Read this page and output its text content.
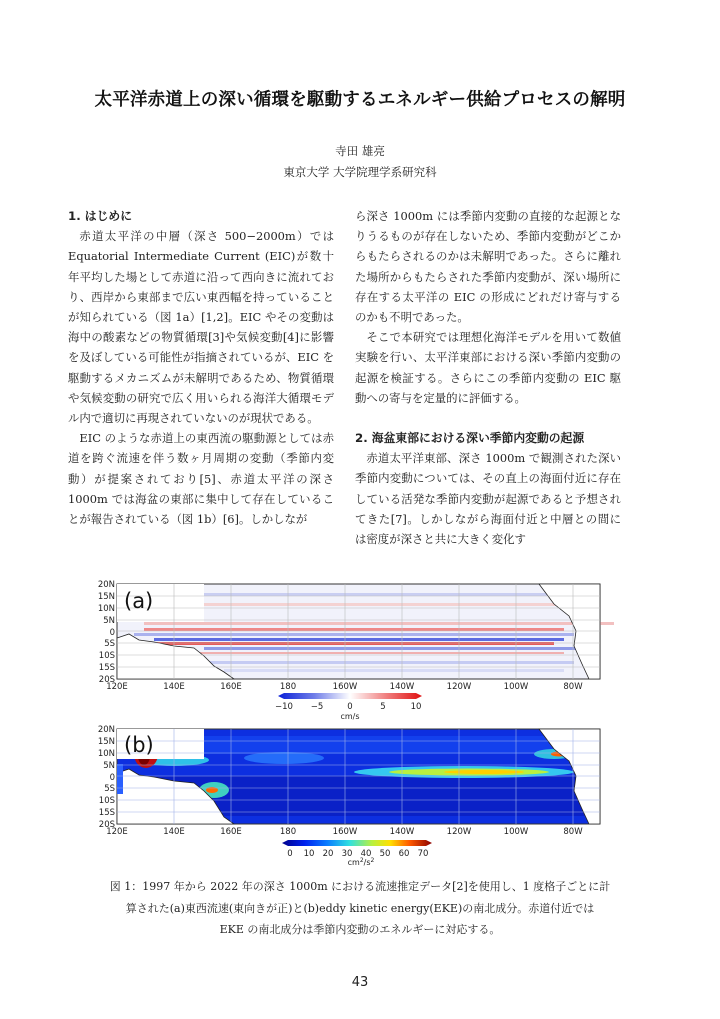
太平洋赤道上の深い循環を駆動するエネルギー供給プロセスの解明
寺田 雄亮
東京大学 大学院理学系研究科
1. はじめに

赤道太平洋の中層（深さ 500−2000m）では Equatorial Intermediate Current (EIC)が数十年平均した場として赤道に沿って西向きに流れており、西岸から東部まで広い東西幅を持っていることが知られている（図 1a）[1,2]。EIC やその変動は海中の酸素などの物質循環[3]や気候変動[4]に影響を及ぼしている可能性が指摘されているが、EIC を駆動するメカニズムが未解明であるため、物質循環や気候変動の研究で広く用いられる海洋大循環モデル内で適切に再現されていないのが現状である。

EIC のような赤道上の東西流の駆動源としては赤道を跨ぐ流速を伴う数ヶ月周期の変動（季節内変動）が提案されており[5]、赤道太平洋の深さ 1000m では海盆の東部に集中して存在していることが報告されている（図 1b）[6]。しかしなが

ら深さ 1000m には季節内変動の直接的な起源となりうるものが存在しないため、季節内変動がどこからもたらされるのかは未解明であった。さらに離れた場所からもたらされた季節内変動が、深い場所に存在する太平洋の EIC の形成にどれだけ寄与するのかも不明であった。

そこで本研究では理想化海洋モデルを用いて数値実験を行い、太平洋東部における深い季節内変動の起源を検証する。さらにこの季節内変動の EIC 駆動への寄与を定量的に評価する。

2. 海盆東部における深い季節内変動の起源

赤道太平洋東部、深さ 1000m で観測された深い季節内変動については、その直上の海面付近に存在している活発な季節内変動が起源であると予想されてきた[7]。しかしながら海面付近と中層との間には密度が深さと共に大きく変化す

(a)
20N
15N
10N
5N
0
5S
10S
15S
20S
120E	140E	160E	180	160W	140W	120W	100W	80W
−10 −5	0	5	10
cm/s
(b)
20N
15N
10N
5N
0
5S
10S
15S
20S
120E	140E	160E	180	160W	140W	120W	100W	80W
0 10 20 30 40 50 60 70
$cm^2/s^2$
図 1：1997 年から 2022 年の深さ 1000m における流速推定データ[2]を使用し、1 度格子ごとに計
算された(a)東西流速(東向きが正)と(b)eddy kinetic energy(EKE)の南北成分。赤道付近では
EKE の南北成分は季節内変動のエネルギーに対応する。
43
